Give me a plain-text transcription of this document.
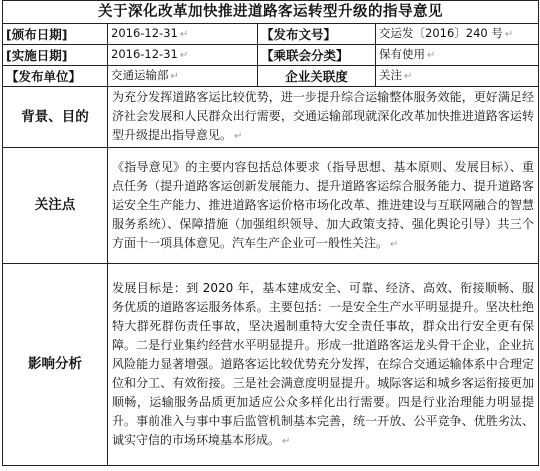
关于深化改革加快推进道路客运转型升级的指导意见			
[颁布日期]	2016-12-31 ↵	【发布文号】	交运发〔2016〕240 号 ↵
[实施日期]	2016-12-31 ↵	【乘联会分类】	保有使用 ↵
【发布单位】	交通运输部 ↵	企业关联度	关注 ↵
背景、目的	为充分发挥道路客运比较优势，进一步提升综合运输整体服务效能，更好满足经济社会发展和人民群众出行需要，交通运输部现就深化改革加快推进道路客运转型升级提出指导意见。 ↵		
关注点	《指导意见》的主要内容包括总体要求（指导思想、基本原则、发展目标）、重点任务（提升道路客运创新发展能力、提升道路客运综合服务能力、提升道路客运安全生产能力、推进道路客运价格市场化改革、推进建设与互联网融合的智慧服务系统）、保障措施（加强组织领导、加大政策支持、强化舆论引导）共三个方面十一项具体意见。汽车生产企业可一般性关注。 ↵		
影响分析	发展目标是：到 2020 年，基本建成安全、可靠、经济、高效、衔接顺畅、服务优质的道路客运服务体系。主要包括：一是安全生产水平明显提升。坚决杜绝特大群死群伤责任事故，坚决遏制重特大安全责任事故，群众出行安全更有保障。二是行业集约经营水平明显提升。形成一批道路客运龙头骨干企业，企业抗风险能力显著增强。道路客运比较优势充分发挥，在综合交通运输体系中合理定位和分工、有效衔接。三是社会满意度明显提升。城际客运和城乡客运衔接更加顺畅，运输服务品质更加适应公众多样化出行需要。四是行业治理能力明显提升。事前准入与事中事后监管机制基本完善，统一开放、公平竞争、优胜劣汰、诚实守信的市场环境基本形成。 ↵		
